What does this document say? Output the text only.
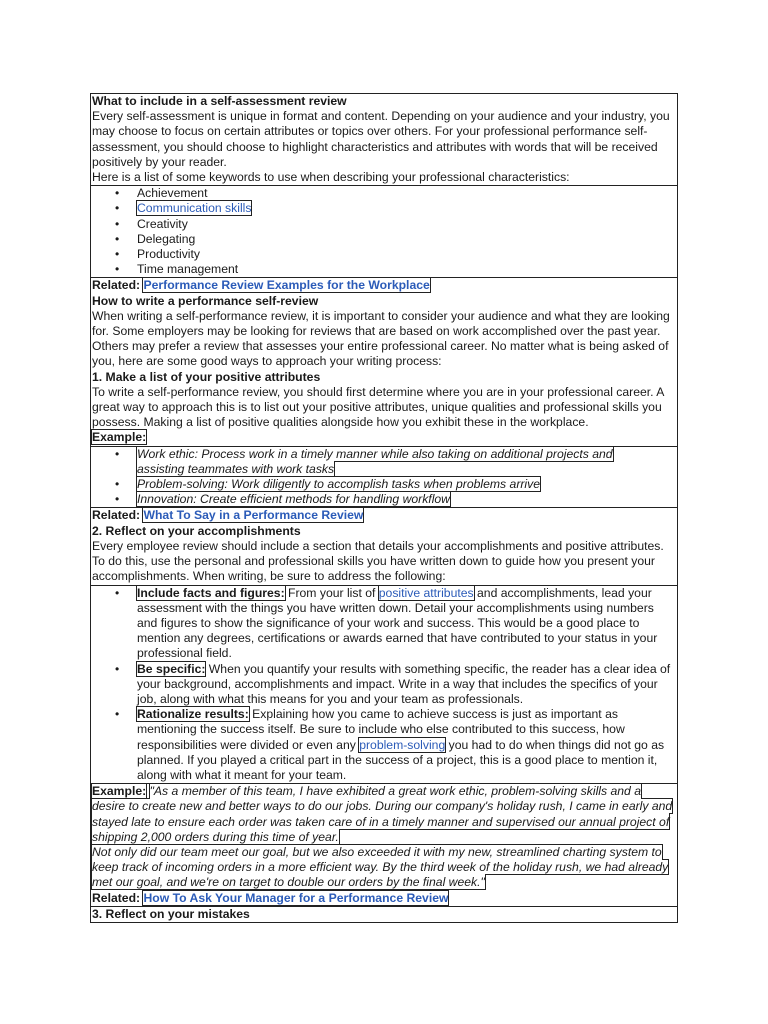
What to include in a self-assessment review

Every self-assessment is unique in format and content. Depending on your audience and your industry, you may choose to focus on certain attributes or topics over others. For your professional performance self-assessment, you should choose to highlight characteristics and attributes with words that will be received positively by your reader.

Here is a list of some keywords to use when describing your professional characteristics:

• Achievement
• Communication skills
• Creativity
• Delegating
• Productivity
• Time management

Related: Performance Review Examples for the Workplace

How to write a performance self-review

When writing a self-performance review, it is important to consider your audience and what they are looking for. Some employers may be looking for reviews that are based on work accomplished over the past year. Others may prefer a review that assesses your entire professional career. No matter what is being asked of you, here are some good ways to approach your writing process:

1. Make a list of your positive attributes

To write a self-performance review, you should first determine where you are in your professional career. A great way to approach this is to list out your positive attributes, unique qualities and professional skills you possess. Making a list of positive qualities alongside how you exhibit these in the workplace.

Example:

• Work ethic: Process work in a timely manner while also taking on additional projects and assisting teammates with work tasks
• Problem-solving: Work diligently to accomplish tasks when problems arrive
• Innovation: Create efficient methods for handling workflow

Related: What To Say in a Performance Review

2. Reflect on your accomplishments

Every employee review should include a section that details your accomplishments and positive attributes. To do this, use the personal and professional skills you have written down to guide how you present your accomplishments. When writing, be sure to address the following:

• Include facts and figures: From your list of positive attributes and accomplishments, lead your assessment with the things you have written down. Detail your accomplishments using numbers and figures to show the significance of your work and success. This would be a good place to mention any degrees, certifications or awards earned that have contributed to your status in your professional field.
• Be specific: When you quantify your results with something specific, the reader has a clear idea of your background, accomplishments and impact. Write in a way that includes the specifics of your job, along with what this means for you and your team as professionals.
• Rationalize results: Explaining how you came to achieve success is just as important as mentioning the success itself. Be sure to include who else contributed to this success, how responsibilities were divided or even any problem-solving you had to do when things did not go as planned. If you played a critical part in the success of a project, this is a good place to mention it, along with what it meant for your team.

Example: "As a member of this team, I have exhibited a great work ethic, problem-solving skills and a desire to create new and better ways to do our jobs. During our company's holiday rush, I came in early and stayed late to ensure each order was taken care of in a timely manner and supervised our annual project of shipping 2,000 orders during this time of year.

Not only did our team meet our goal, but we also exceeded it with my new, streamlined charting system to keep track of incoming orders in a more efficient way. By the third week of the holiday rush, we had already met our goal, and we're on target to double our orders by the final week."

Related: How To Ask Your Manager for a Performance Review

3. Reflect on your mistakes
